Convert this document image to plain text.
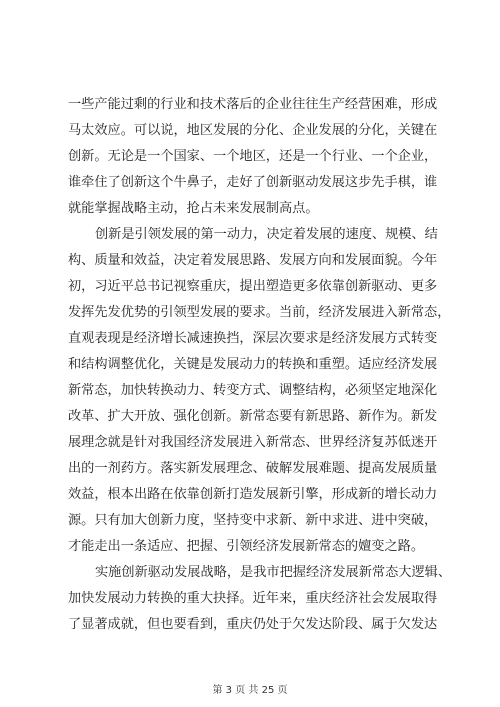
一些产能过剩的行业和技术落后的企业往往生产经营困难，形成
马太效应。可以说，地区发展的分化、企业发展的分化，关键在
创新。无论是一个国家、一个地区，还是一个行业、一个企业，
谁牵住了创新这个牛鼻子，走好了创新驱动发展这步先手棋，谁
就能掌握战略主动，抢占未来发展制高点。
创新是引领发展的第一动力，决定着发展的速度、规模、结
构、质量和效益，决定着发展思路、发展方向和发展面貌。今年
初，习近平总书记视察重庆，提出塑造更多依靠创新驱动、更多
发挥先发优势的引领型发展的要求。当前，经济发展进入新常态，
直观表现是经济增长减速换挡，深层次要求是经济发展方式转变
和结构调整优化，关键是发展动力的转换和重塑。适应经济发展
新常态，加快转换动力、转变方式、调整结构，必须坚定地深化
改革、扩大开放、强化创新。新常态要有新思路、新作为。新发
展理念就是针对我国经济发展进入新常态、世界经济复苏低迷开
出的一剂药方。落实新发展理念、破解发展难题、提高发展质量
效益，根本出路在依靠创新打造发展新引擎，形成新的增长动力
源。只有加大创新力度，坚持变中求新、新中求进、进中突破，
才能走出一条适应、把握、引领经济发展新常态的嬗变之路。
实施创新驱动发展战略，是我市把握经济发展新常态大逻辑、
加快发展动力转换的重大抉择。近年来，重庆经济社会发展取得
了显著成就，但也要看到，重庆仍处于欠发达阶段、属于欠发达
第 3 页 共 25 页
